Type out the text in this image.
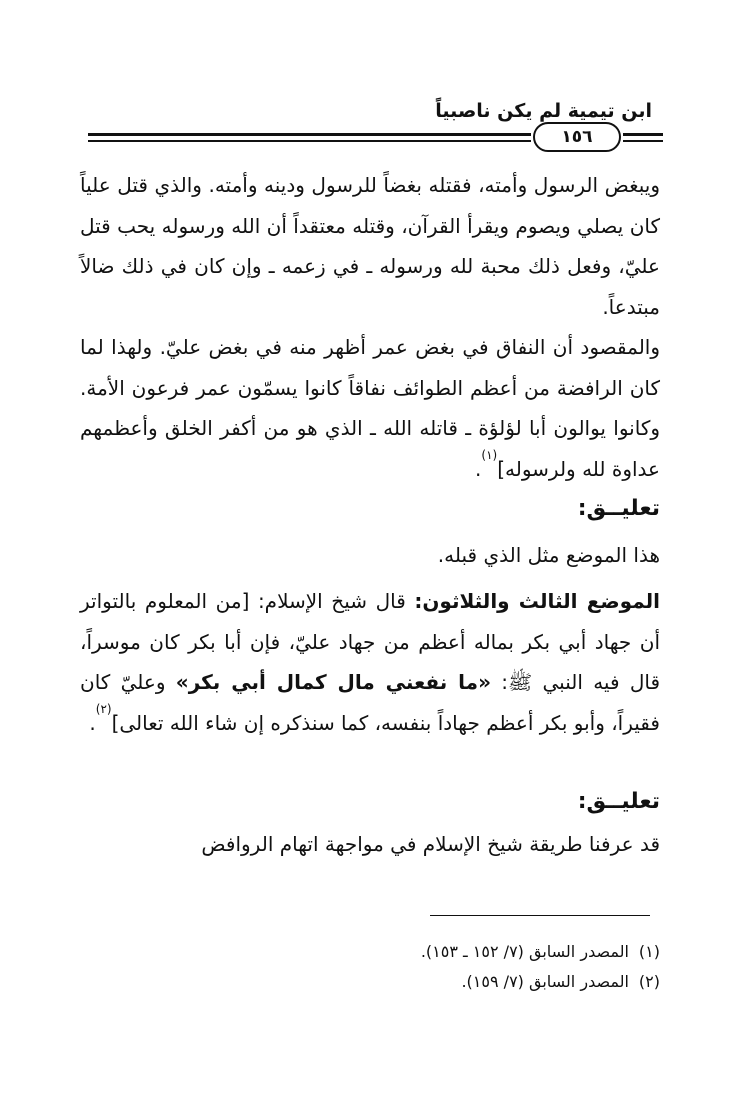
ابن تيمية لم يكن ناصبياً
١٥٦
ويبغض الرسول وأمته، فقتله بغضاً للرسول ودينه وأمته. والذي قتل علياً كان يصلي ويصوم ويقرأ القرآن، وقتله معتقداً أن الله ورسوله يحب قتل عليّ، وفعل ذلك محبة لله ورسوله ـ في زعمه ـ وإن كان في ذلك ضالاً مبتدعاً.
والمقصود أن النفاق في بغض عمر أظهر منه في بغض عليّ. ولهذا لما كان الرافضة من أعظم الطوائف نفاقاً كانوا يسمّون عمر فرعون الأمة. وكانوا يوالون أبا لؤلؤة ـ قاتله الله ـ الذي هو من أكفر الخلق وأعظمهم عداوة لله ولرسوله]$^{(١)}$.
تعليــق:
هذا الموضع مثل الذي قبله.
الموضع الثالث والثلاثون: قال شيخ الإسلام: [من المعلوم بالتواتر أن جهاد أبي بكر بماله أعظم من جهاد عليّ، فإن أبا بكر كان موسراً، قال فيه النبي ﷺ: «ما نفعني مال كمال أبي بكر» وعليّ كان فقيراً، وأبو بكر أعظم جهاداً بنفسه، كما سنذكره إن شاء الله تعالى]$^{(٢)}$.
تعليــق:
قد عرفنا طريقة شيخ الإسلام في مواجهة اتهام الروافض
(١)المصدر السابق (٧/ ١٥٢ ـ ١٥٣).
(٢)المصدر السابق (٧/ ١٥٩).
